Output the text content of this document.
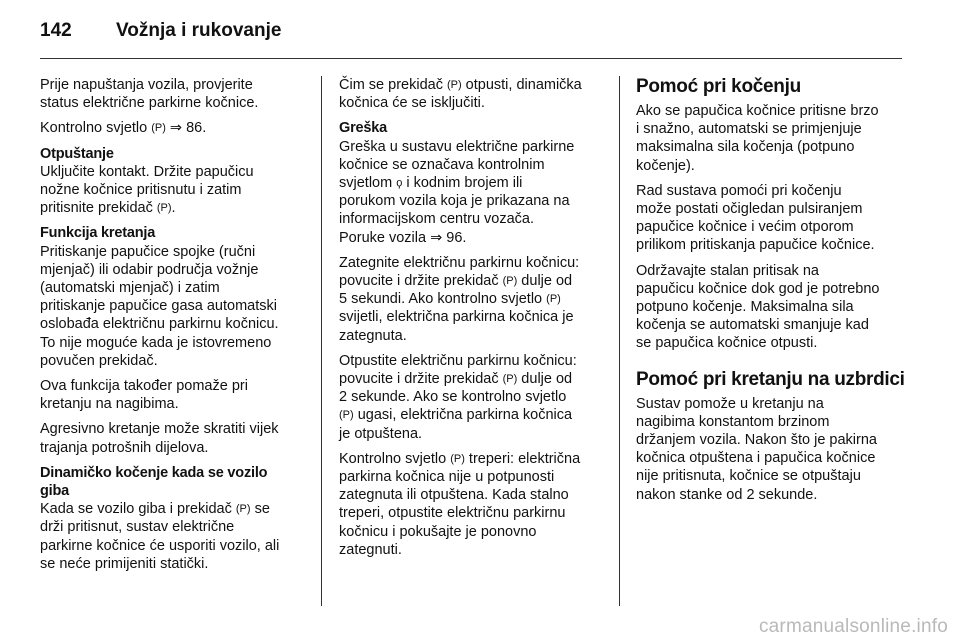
142	Vožnja i rukovanje

Prije napuštanja vozila, provjerite
status električne parkirne kočnice.

Kontrolno svjetlo (P) ⇒ 86.

Otpuštanje
Uključite kontakt. Držite papučicu
nožne kočnice pritisnutu i zatim
pritisnite prekidač (P).

Funkcija kretanja
Pritiskanje papučice spojke (ručni
mjenjač) ili odabir područja vožnje
(automatski mjenjač) i zatim
pritiskanje papučice gasa automatski
oslobađa električnu parkirnu kočnicu.
To nije moguće kada je istovremeno
povučen prekidač.

Ova funkcija također pomaže pri
kretanju na nagibima.

Agresivno kretanje može skratiti vijek
trajanja potrošnih dijelova.

Dinamičko kočenje kada se vozilo
giba
Kada se vozilo giba i prekidač (P) se
drži pritisnut, sustav električne
parkirne kočnice će usporiti vozilo, ali
se neće primijeniti statički.

Čim se prekidač (P) otpusti, dinamička
kočnica će se isključiti.

Greška
Greška u sustavu električne parkirne
kočnice se označava kontrolnim
svjetlom ϙ i kodnim brojem ili
porukom vozila koja je prikazana na
informacijskom centru vozača.
Poruke vozila ⇒ 96.

Zategnite električnu parkirnu kočnicu:
povucite i držite prekidač (P) dulje od
5 sekundi. Ako kontrolno svjetlo (P)
svijetli, električna parkirna kočnica je
zategnuta.

Otpustite električnu parkirnu kočnicu:
povucite i držite prekidač (P) dulje od
2 sekunde. Ako se kontrolno svjetlo
(P) ugasi, električna parkirna kočnica
je otpuštena.

Kontrolno svjetlo (P) treperi: električna
parkirna kočnica nije u potpunosti
zategnuta ili otpuštena. Kada stalno
treperi, otpustite električnu parkirnu
kočnicu i pokušajte je ponovno
zategnuti.

Pomoć pri kočenju

Ako se papučica kočnice pritisne brzo
i snažno, automatski se primjenjuje
maksimalna sila kočenja (potpuno
kočenje).

Rad sustava pomoći pri kočenju
može postati očigledan pulsiranjem
papučice kočnice i većim otporom
prilikom pritiskanja papučice kočnice.

Održavajte stalan pritisak na
papučicu kočnice dok god je potrebno
potpuno kočenje. Maksimalna sila
kočenja se automatski smanjuje kad
se papučica kočnice otpusti.

Pomoć pri kretanju na uzbrdici

Sustav pomože u kretanju na
nagibima konstantom brzinom
držanjem vozila. Nakon što je pakirna
kočnica otpuštena i papučica kočnice
nije pritisnuta, kočnice se otpuštaju
nakon stanke od 2 sekunde.

carmanualsonline.info
